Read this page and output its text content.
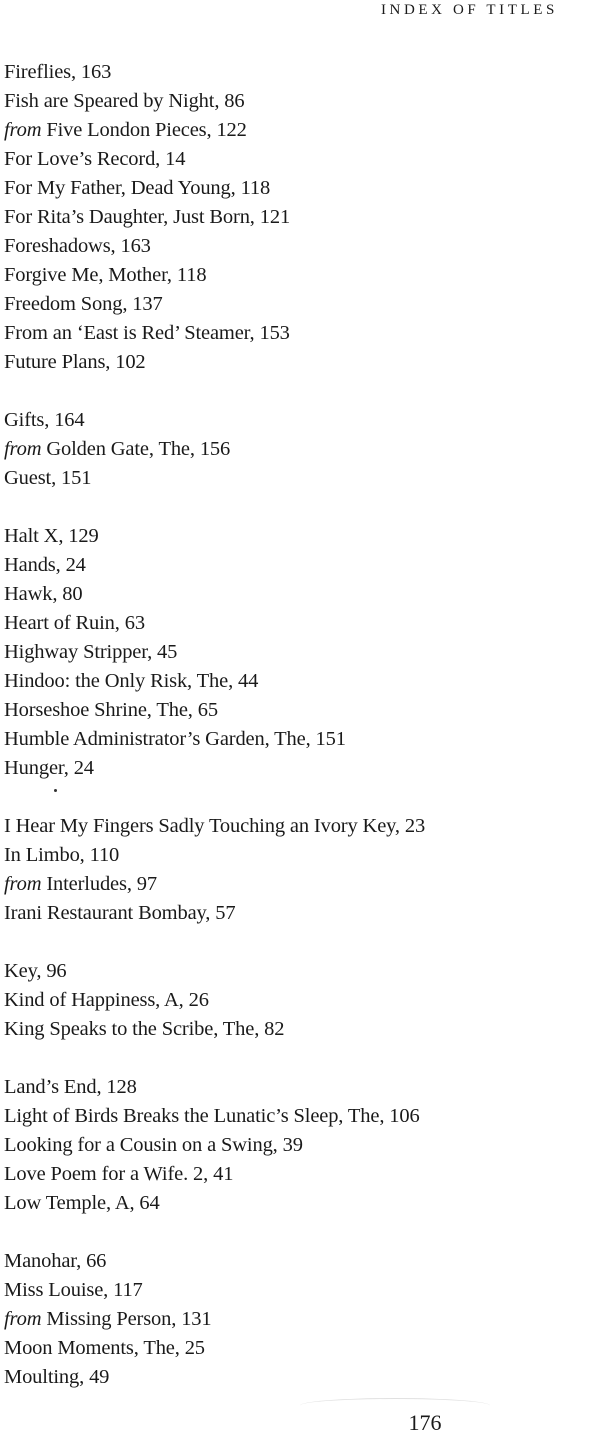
INDEX OF TITLES
Fireflies, 163
Fish are Speared by Night, 86
from Five London Pieces, 122
For Love’s Record, 14
For My Father, Dead Young, 118
For Rita’s Daughter, Just Born, 121
Foreshadows, 163
Forgive Me, Mother, 118
Freedom Song, 137
From an ‘East is Red’ Steamer, 153
Future Plans, 102
Gifts, 164
from Golden Gate, The, 156
Guest, 151
Halt X, 129
Hands, 24
Hawk, 80
Heart of Ruin, 63
Highway Stripper, 45
Hindoo: the Only Risk, The, 44
Horseshoe Shrine, The, 65
Humble Administrator’s Garden, The, 151
Hunger, 24
I Hear My Fingers Sadly Touching an Ivory Key, 23
In Limbo, 110
from Interludes, 97
Irani Restaurant Bombay, 57
Key, 96
Kind of Happiness, A, 26
King Speaks to the Scribe, The, 82
Land’s End, 128
Light of Birds Breaks the Lunatic’s Sleep, The, 106
Looking for a Cousin on a Swing, 39
Love Poem for a Wife. 2, 41
Low Temple, A, 64
Manohar, 66
Miss Louise, 117
from Missing Person, 131
Moon Moments, The, 25
Moulting, 49
176
